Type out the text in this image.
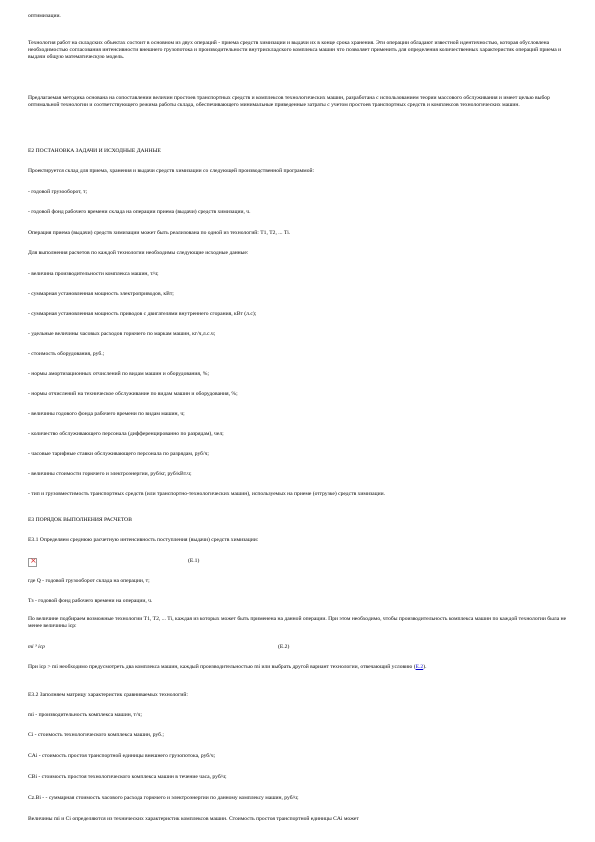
оптимизации.

Технология работ на складских объектах состоит в основном из двух операций - приема средств химизации и выдачи их в конце срока хранения. Эти операции обладают известной идентичностью, которая обусловлена необходимостью согласования интенсивности внешнего грузопотока и производительности внутрискладского комплекса машин что позволяет применить для определения количественных характеристик операций приема и выдачи общую математическую модель.

Предлагаемая методика основана на сопоставлении величин простоев транспортных средств и комплексов технологических машин, разработана с использованием теории массового обслуживания и имеет целью выбор оптимальной технологии и соответствующего режима работы склада, обеспечивающего минимальные приведенные затраты с учетом простоев транспортных средств и комплексов технологических машин.

Е2 ПОСТАНОВКА ЗАДАЧИ И ИСХОДНЫЕ ДАННЫЕ

Проектируется склад для приема, хранения и выдачи средств химизации со следующей производственной программой:

- годовой грузооборот, т;

- годовой фонд рабочего времени склада на операции приема (выдачи) средств химизации, ч.

Операция приема (выдачи) средств химизации может быть реализована по одной из технологий: Т1, Т2, ... Тi.

Для выполнения расчетов по каждой технологии необходимы следующие исходные данные:

- величина производительности комплекса машин, т/ч;

- суммарная установленная мощность электроприводов, кВт;

- суммарная установленная мощность приводов с двигателями внутреннего сгорания, кВт (л.с);

- удельные величины часовых расходов горючего по маркам машин, кг/ч,л.с.ч;

- стоимость оборудования, руб.;

- нормы амортизационных отчислений по видам машин и оборудования, %;

- нормы отчислений на техническое обслуживание по видам машин и оборудования, %;

- величины годового фонда рабочего времени по видам машин, ч;

- количество обслуживающего персонала (дифференцированно по разрядам), чел;

- часовые тарифные ставки обслуживающего персонала по разрядам, руб/ч;

- величины стоимости горючего и электроэнергии, руб/кг, руб/кВт.ч;

- тип и грузовместимость транспортных средств (или транспортно-технологических машин), используемых на приеме (отгрузке) средств химизации.

Е3 ПОРЯДОК ВЫПОЛНЕНИЯ РАСЧЕТОВ

Е3.1 Определяем среднюю расчетную интенсивность поступления (выдачи) средств химизации:

×
(Е.1)

где Q - годовой грузооборот склада на операции, т;

Тз - годовой фонд рабочего времени на операции, ч.

По величине подбираем возможные технологии Т1, Т2, ... Тi, каждая из которых может быть применена на данной операции. При этом необходимо, чтобы производительность комплекса машин по каждой технологии была не менее величины icp:

mi ³ icp	(Е.2)

При icp > mi необходимо предусмотреть два комплекса машин, каждый производительностью mi или выбрать другой вариант технологии, отвечающий условию (Е.2).

Е3.2 Заполняем матрицу характеристик сравниваемых технологий:

mi - производительность комплекса машин, т/ч;

Сi - стоимость технологического комплекса машин, руб.;

СAi - стоимость простоя транспортной единицы внешнего грузопотока, руб/ч;

CBi - стоимость простоя технологического комплекса машин в течение часа, руб/ч;

Cz.Bi - - суммарная стоимость часового расхода горючего и электроэнергии по данному комплексу машин, руб/ч;

Величины mi и Сi определяются из технических характеристик комплексов машин. Стоимость простоя транспортной единицы СAi может
